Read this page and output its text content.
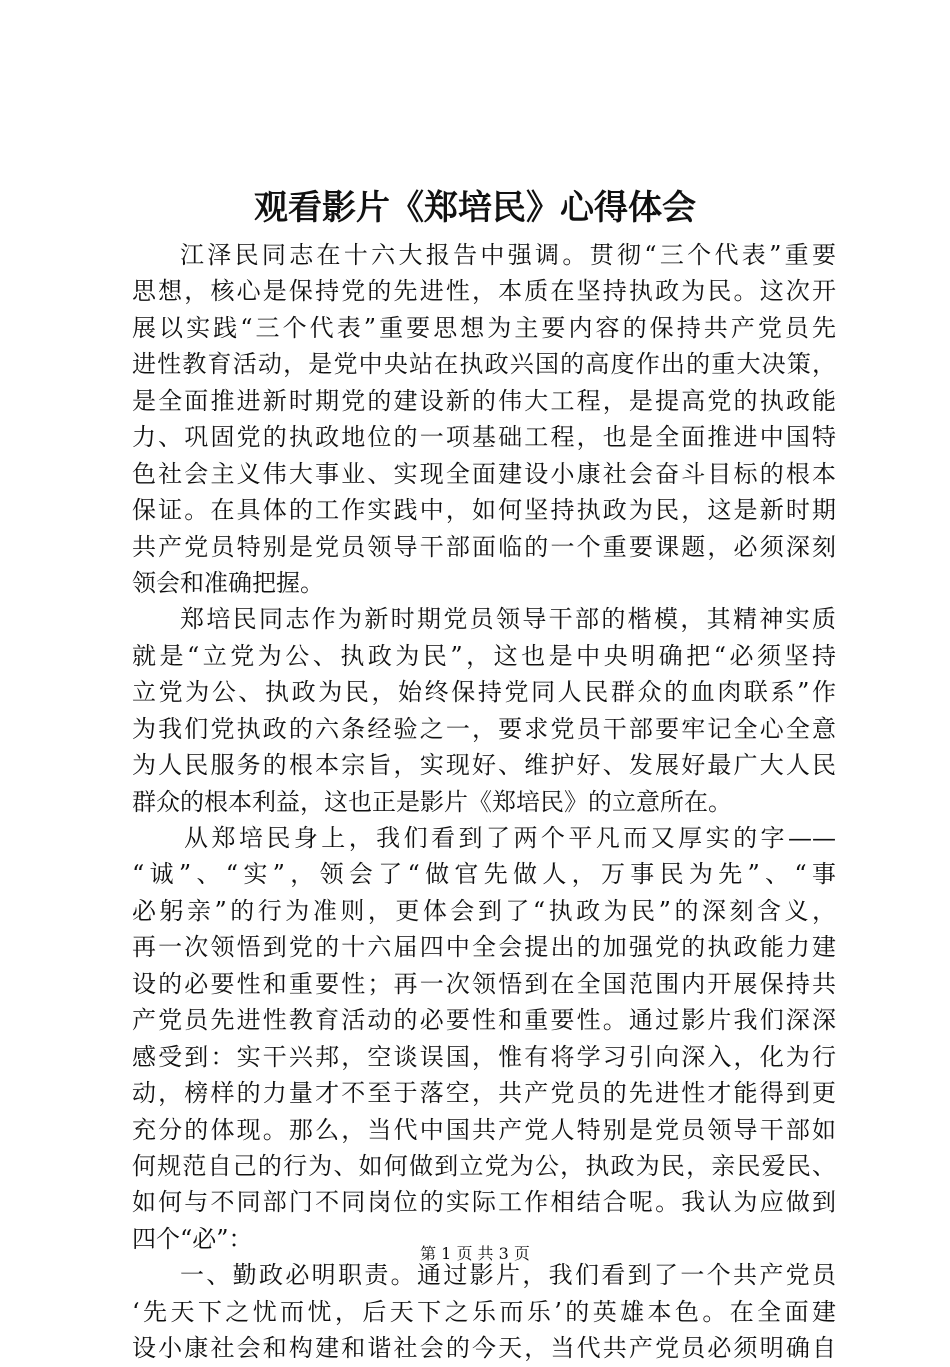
观看影片《郑培民》心得体会
江泽民同志在十六大报告中强调。贯彻“三个代表”重要
思想，核心是保持党的先进性，本质在坚持执政为民。这次开
展以实践“三个代表”重要思想为主要内容的保持共产党员先
进性教育活动，是党中央站在执政兴国的高度作出的重大决策，
是全面推进新时期党的建设新的伟大工程，是提高党的执政能
力、巩固党的执政地位的一项基础工程，也是全面推进中国特
色社会主义伟大事业、实现全面建设小康社会奋斗目标的根本
保证。在具体的工作实践中，如何坚持执政为民，这是新时期
共产党员特别是党员领导干部面临的一个重要课题，必须深刻
领会和准确把握。
郑培民同志作为新时期党员领导干部的楷模，其精神实质
就是“立党为公、执政为民”，这也是中央明确把“必须坚持
立党为公、执政为民，始终保持党同人民群众的血肉联系”作
为我们党执政的六条经验之一，要求党员干部要牢记全心全意
为人民服务的根本宗旨，实现好、维护好、发展好最广大人民
群众的根本利益，这也正是影片《郑培民》的立意所在。
从郑培民身上，我们看到了两个平凡而又厚实的字——
“诚”、“实”，领会了“做官先做人，万事民为先”、“事
必躬亲”的行为准则，更体会到了“执政为民”的深刻含义，
再一次领悟到党的十六届四中全会提出的加强党的执政能力建
设的必要性和重要性；再一次领悟到在全国范围内开展保持共
产党员先进性教育活动的必要性和重要性。通过影片我们深深
感受到：实干兴邦，空谈误国，惟有将学习引向深入，化为行
动，榜样的力量才不至于落空，共产党员的先进性才能得到更
充分的体现。那么，当代中国共产党人特别是党员领导干部如
何规范自己的行为、如何做到立党为公，执政为民，亲民爱民、
如何与不同部门不同岗位的实际工作相结合呢。我认为应做到
四个“必”：
一、勤政必明职责。通过影片，我们看到了一个共产党员
‘先天下之忧而忧，后天下之乐而乐’的英雄本色。在全面建
设小康社会和构建和谐社会的今天，当代共产党员必须明确自
第 1 页 共 3 页
